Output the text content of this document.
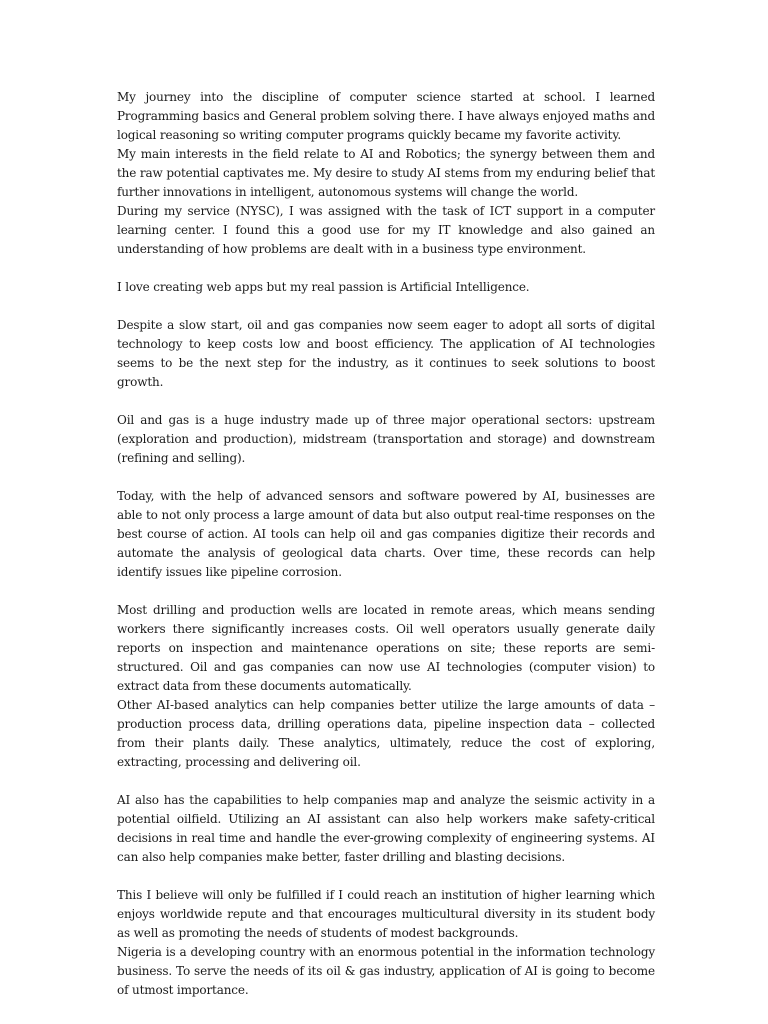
My journey into the discipline of computer science started at school. I learned Programming basics and General problem solving there. I have always enjoyed maths and logical reasoning so writing computer programs quickly became my favorite activity.

My main interests in the field relate to AI and Robotics; the synergy between them and the raw potential captivates me. My desire to study AI stems from my enduring belief that further innovations in intelligent, autonomous systems will change the world.

During my service (NYSC), I was assigned with the task of ICT support in a computer learning center. I found this a good use for my IT knowledge and also gained an understanding of how problems are dealt with in a business type environment.

I love creating web apps but my real passion is Artificial Intelligence.

Despite a slow start, oil and gas companies now seem eager to adopt all sorts of digital technology to keep costs low and boost efficiency. The application of AI technologies seems to be the next step for the industry, as it continues to seek solutions to boost growth.

Oil and gas is a huge industry made up of three major operational sectors: upstream (exploration and production), midstream (transportation and storage) and downstream (refining and selling).

Today, with the help of advanced sensors and software powered by AI, businesses are able to not only process a large amount of data but also output real-time responses on the best course of action. AI tools can help oil and gas companies digitize their records and automate the analysis of geological data charts. Over time, these records can help identify issues like pipeline corrosion.

Most drilling and production wells are located in remote areas, which means sending workers there significantly increases costs. Oil well operators usually generate daily reports on inspection and maintenance operations on site; these reports are semi-structured. Oil and gas companies can now use AI technologies (computer vision) to extract data from these documents automatically.

Other AI-based analytics can help companies better utilize the large amounts of data – production process data, drilling operations data, pipeline inspection data – collected from their plants daily. These analytics, ultimately, reduce the cost of exploring, extracting, processing and delivering oil.

AI also has the capabilities to help companies map and analyze the seismic activity in a potential oilfield. Utilizing an AI assistant can also help workers make safety-critical decisions in real time and handle the ever-growing complexity of engineering systems. AI can also help companies make better, faster drilling and blasting decisions.

This I believe will only be fulfilled if I could reach an institution of higher learning which enjoys worldwide repute and that encourages multicultural diversity in its student body as well as promoting the needs of students of modest backgrounds.

Nigeria is a developing country with an enormous potential in the information technology business. To serve the needs of its oil & gas industry, application of AI is going to become of utmost importance.
